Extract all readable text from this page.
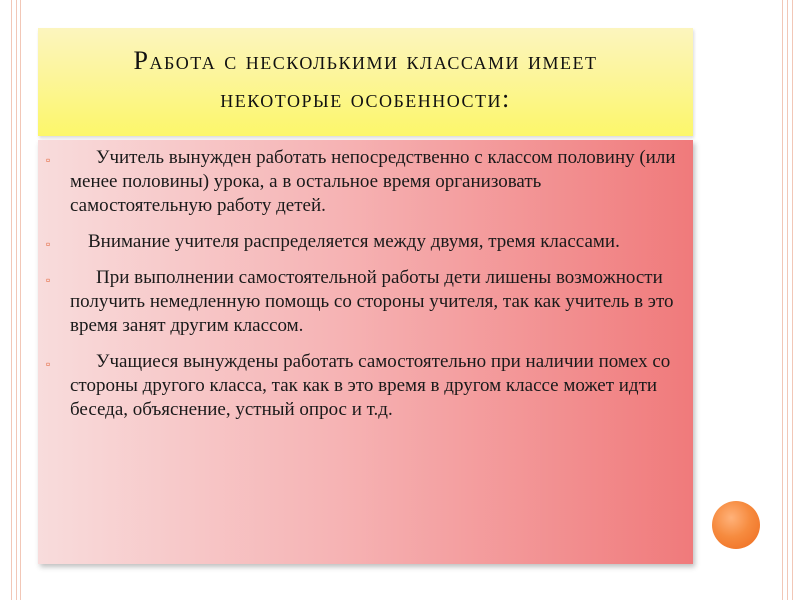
Работа с несколькими классами имеет
некоторые особенности:
▫ Учитель вынужден работать непосредственно с классом половину (или менее половины) урока, а в остальное время организовать самостоятельную работу детей.
▫ Внимание учителя распределяется между двумя, тремя классами.
▫ При выполнении самостоятельной работы дети лишены возможности получить немедленную помощь со стороны учителя, так как учитель в это время занят другим классом.
▫ Учащиеся вынуждены работать самостоятельно при наличии помех со стороны другого класса, так как в это время в другом классе может идти беседа, объяснение, устный опрос и т.д.
